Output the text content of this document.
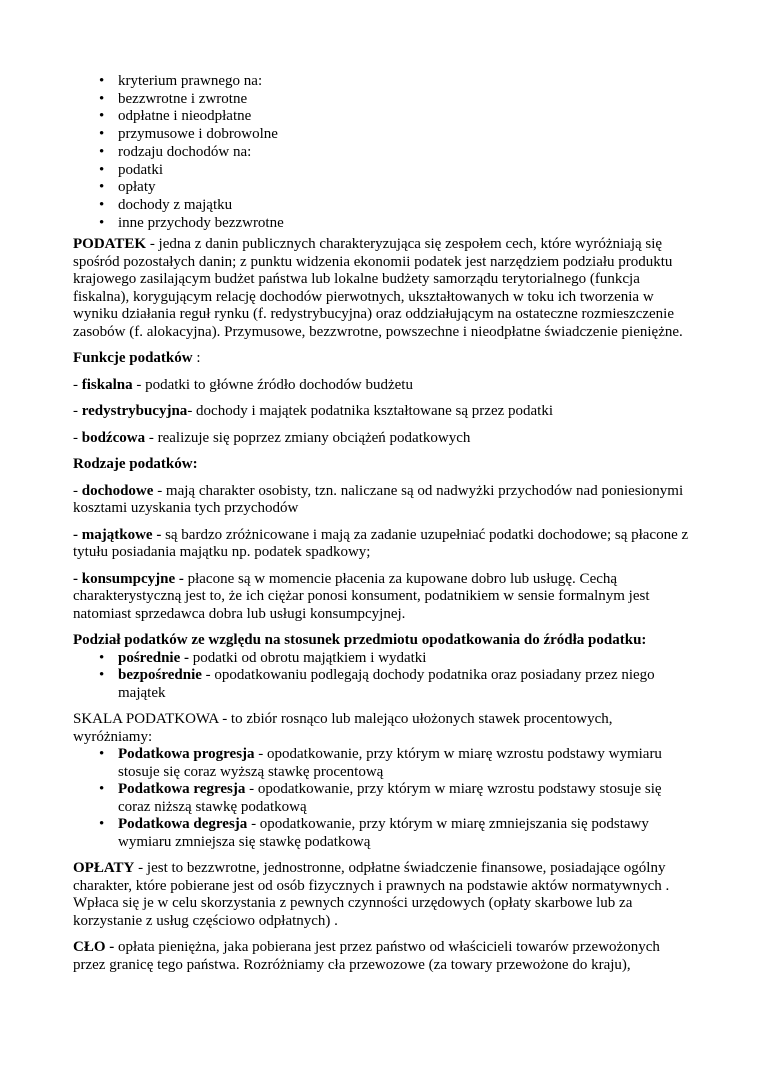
• kryterium prawnego na:
• bezzwrotne i zwrotne
• odpłatne i nieodpłatne
• przymusowe i dobrowolne
• rodzaju dochodów na:
• podatki
• opłaty
• dochody z majątku
• inne przychody bezzwrotne

PODATEK - jedna z danin publicznych charakteryzująca się zespołem cech, które wyróżniają się spośród pozostałych danin; z punktu widzenia ekonomii podatek jest narzędziem podziału produktu krajowego zasilającym budżet państwa lub lokalne budżety samorządu terytorialnego (funkcja fiskalna), korygującym relację dochodów pierwotnych, ukształtowanych w toku ich tworzenia w wyniku działania reguł rynku (f. redystrybucyjna) oraz oddziałującym na ostateczne rozmieszczenie zasobów (f. alokacyjna). Przymusowe, bezzwrotne, powszechne i nieodpłatne świadczenie pieniężne.

Funkcje podatków :

- fiskalna - podatki to główne źródło dochodów budżetu

- redystrybucyjna- dochody i majątek podatnika kształtowane są przez podatki

- bodźcowa - realizuje się poprzez zmiany obciążeń podatkowych

Rodzaje podatków:

- dochodowe - mają charakter osobisty, tzn. naliczane są od nadwyżki przychodów nad poniesionymi kosztami uzyskania tych przychodów

- majątkowe - są bardzo zróżnicowane i mają za zadanie uzupełniać podatki dochodowe; są płacone z tytułu posiadania majątku np. podatek spadkowy;

- konsumpcyjne - płacone są w momencie płacenia za kupowane dobro lub usługę. Cechą charakterystyczną jest to, że ich ciężar ponosi konsument, podatnikiem w sensie formalnym jest natomiast sprzedawca dobra lub usługi konsumpcyjnej.

Podział podatków ze względu na stosunek przedmiotu opodatkowania do źródła podatku:

• pośrednie - podatki od obrotu majątkiem i wydatki
• bezpośrednie - opodatkowaniu podlegają dochody podatnika oraz posiadany przez niego majątek

SKALA PODATKOWA - to zbiór rosnąco lub malejąco ułożonych stawek procentowych, wyróżniamy:

• Podatkowa progresja - opodatkowanie, przy którym w miarę wzrostu podstawy wymiaru stosuje się coraz wyższą stawkę procentową
• Podatkowa regresja - opodatkowanie, przy którym w miarę wzrostu podstawy stosuje się coraz niższą stawkę podatkową
• Podatkowa degresja - opodatkowanie, przy którym w miarę zmniejszania się podstawy wymiaru zmniejsza się stawkę podatkową

OPŁATY - jest to bezzwrotne, jednostronne, odpłatne świadczenie finansowe, posiadające ogólny charakter, które pobierane jest od osób fizycznych i prawnych na podstawie aktów normatywnych . Wpłaca się je w celu skorzystania z pewnych czynności urzędowych (opłaty skarbowe lub za korzystanie z usług częściowo odpłatnych) .

CŁO - opłata pieniężna, jaka pobierana jest przez państwo od właścicieli towarów przewożonych przez granicę tego państwa. Rozróżniamy cła przewozowe (za towary przewożone do kraju),
